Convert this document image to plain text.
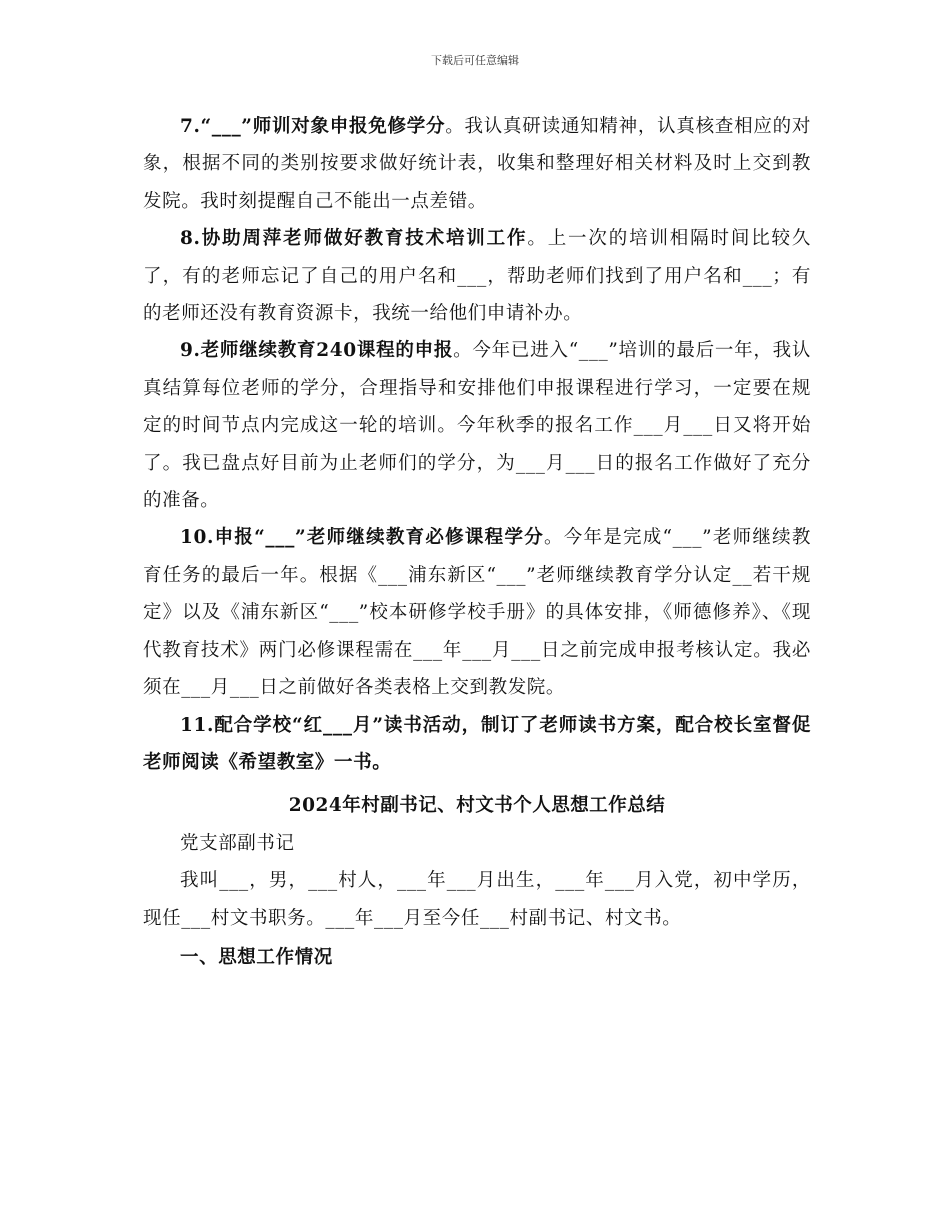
下载后可任意编辑

7.“___”师训对象申报免修学分。我认真研读通知精神，认真核查相应的对象，根据不同的类别按要求做好统计表，收集和整理好相关材料及时上交到教发院。我时刻提醒自己不能出一点差错。

8.协助周萍老师做好教育技术培训工作。上一次的培训相隔时间比较久了，有的老师忘记了自己的用户名和___，帮助老师们找到了用户名和___；有的老师还没有教育资源卡，我统一给他们申请补办。

9.老师继续教育240课程的申报。今年已进入“___”培训的最后一年，我认真结算每位老师的学分，合理指导和安排他们申报课程进行学习，一定要在规定的时间节点内完成这一轮的培训。今年秋季的报名工作___月___日又将开始了。我已盘点好目前为止老师们的学分，为___月___日的报名工作做好了充分的准备。

10.申报“___”老师继续教育必修课程学分。今年是完成“___”老师继续教育任务的最后一年。根据《___浦东新区“___”老师继续教育学分认定__若干规定》以及《浦东新区“___”校本研修学校手册》的具体安排，《师德修养》、《现代教育技术》两门必修课程需在___年___月___日之前完成申报考核认定。我必须在___月___日之前做好各类表格上交到教发院。

11.配合学校“红___月”读书活动，制订了老师读书方案，配合校长室督促老师阅读《希望教室》一书。

2024年村副书记、村文书个人思想工作总结

党支部副书记

我叫___，男，___村人，___年___月出生，___年___月入党，初中学历，现任___村文书职务。___年___月至今任___村副书记、村文书。

一、思想工作情况
